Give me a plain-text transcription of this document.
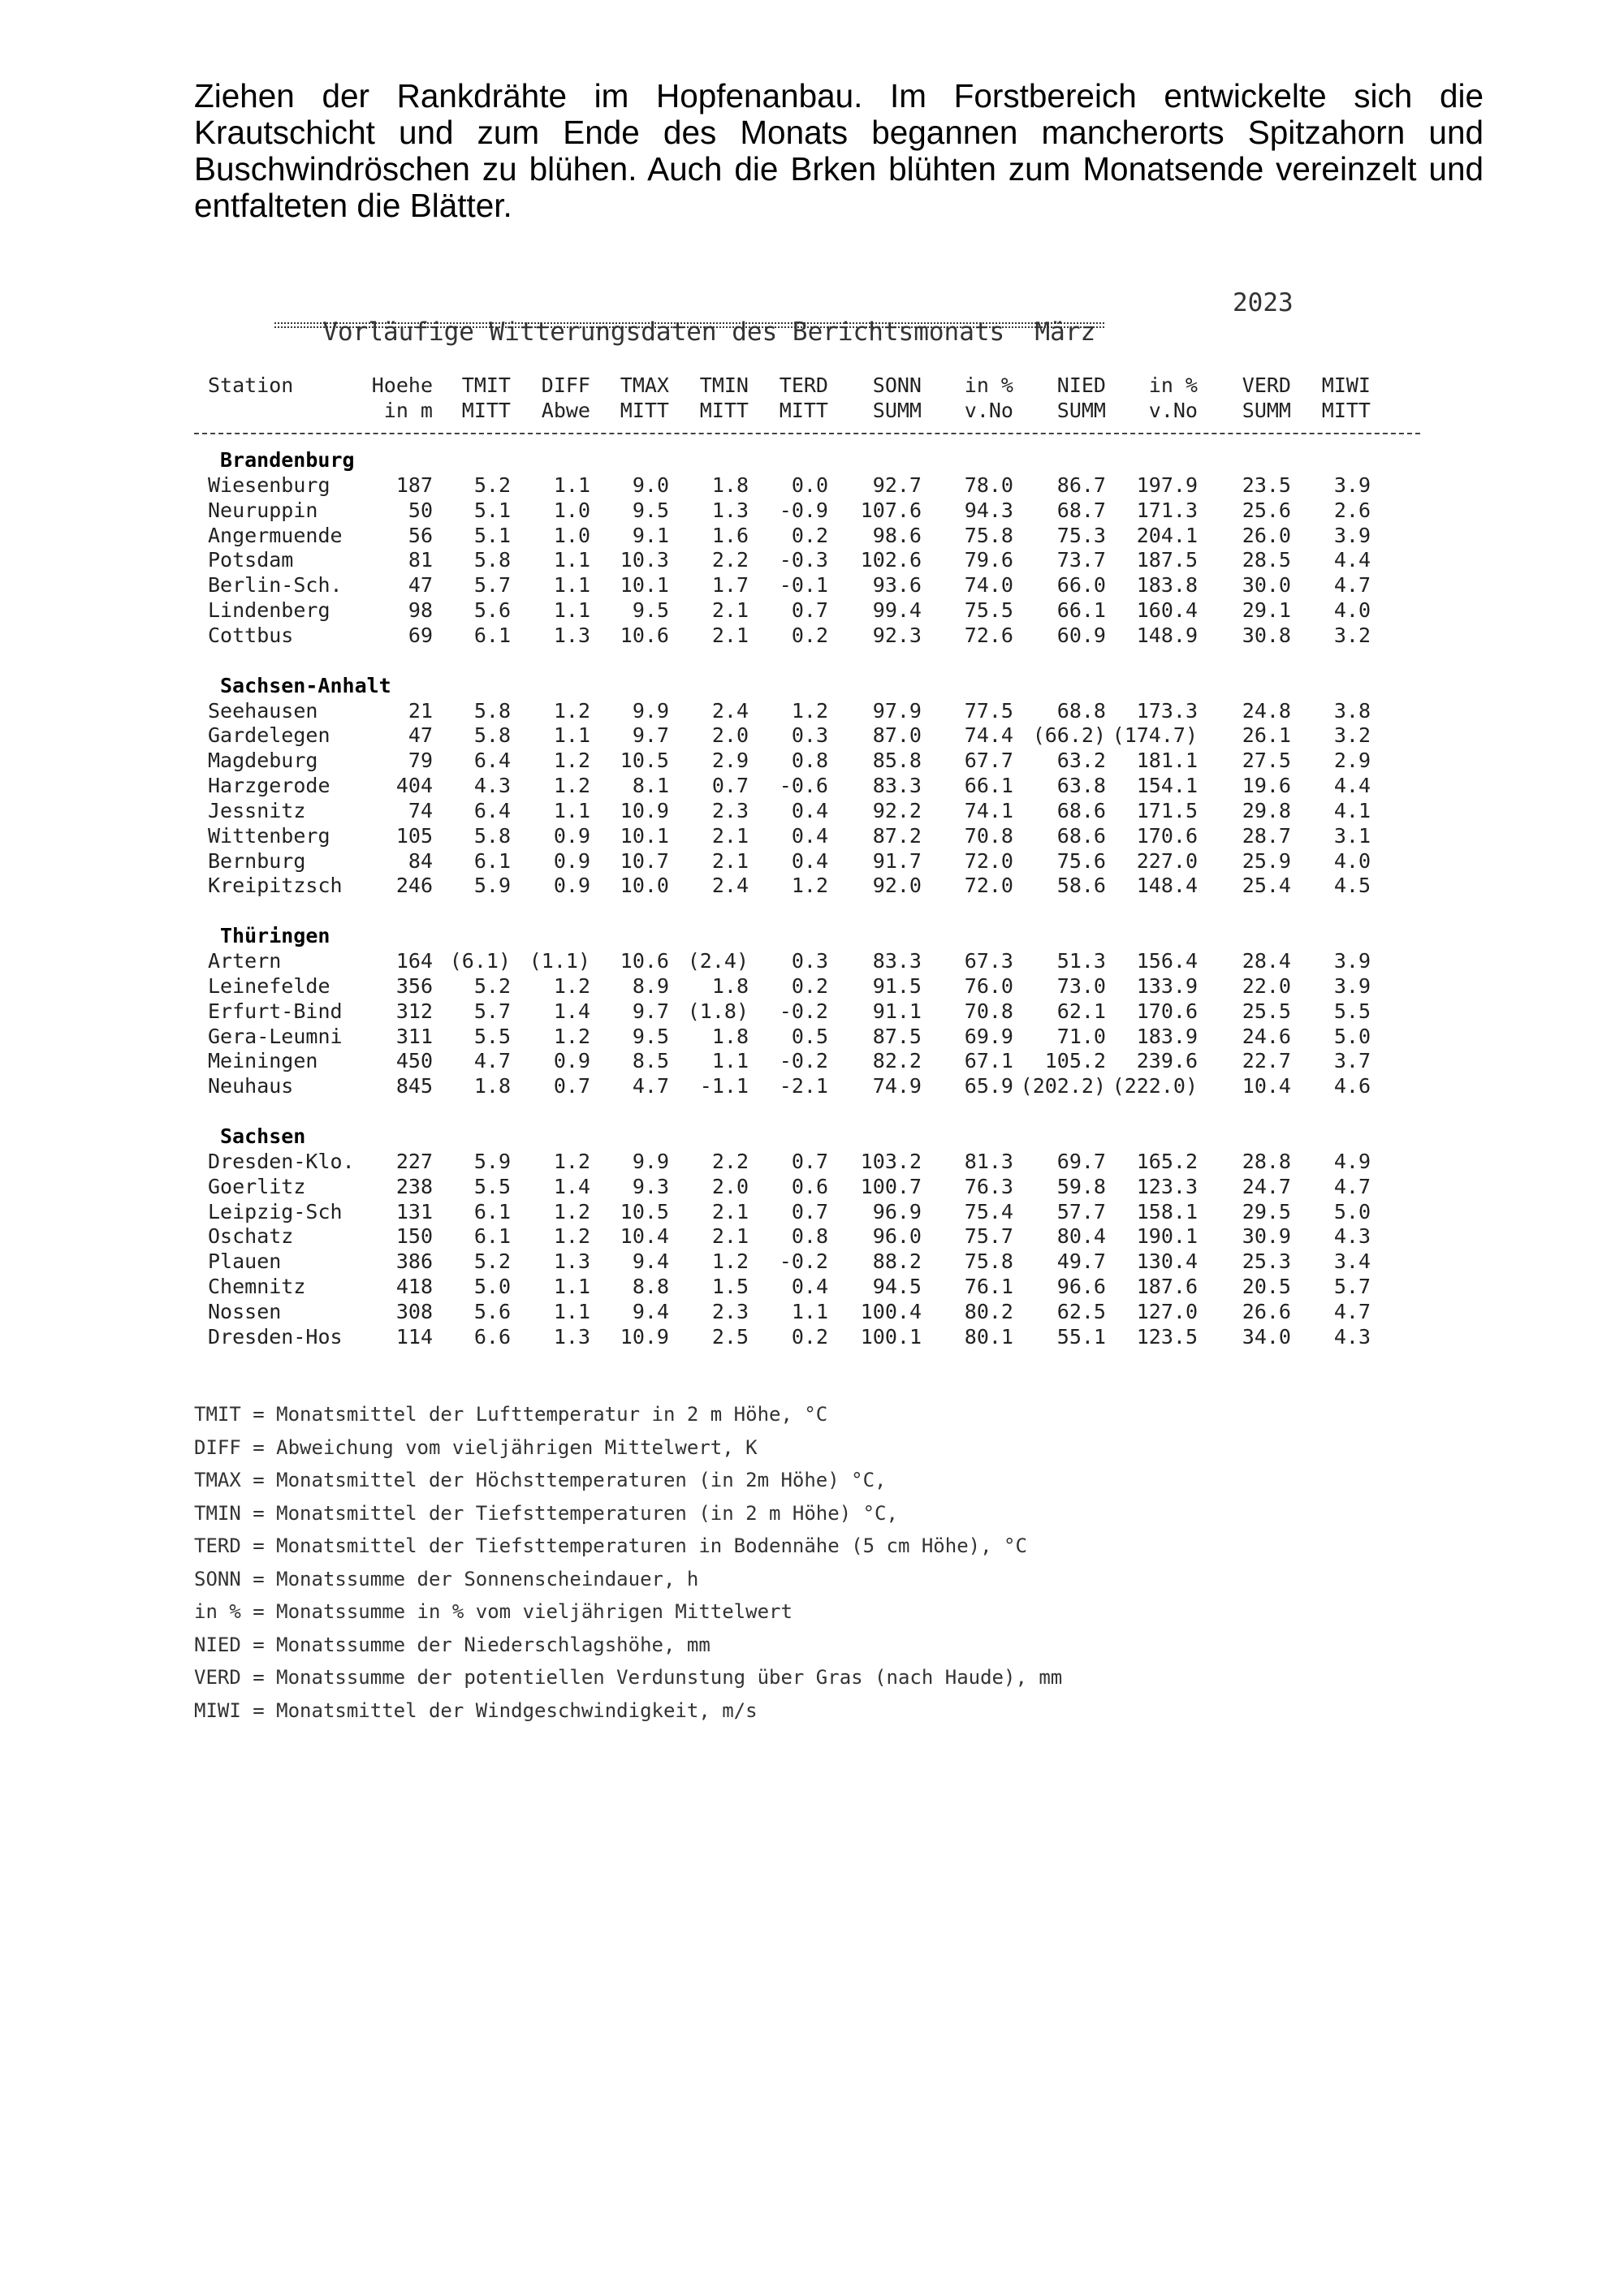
Ziehen der Rankdrähte im Hopfenanbau. Im Forstbereich entwickelte sich die Krautschicht und zum Ende des Monats begannen mancherorts Spitzahorn und Buschwindröschen zu blühen. Auch die Brken blühten zum Monatsende vereinzelt und entfalteten die Blätter.

Vorläufige Witterungsdaten des Berichtsmonats  März

2023

Station	Hoehe TMIT DIFF TMAX TMIN TERD SONN in % NIED in % VERD MIWI
in m MITT Abwe MITT MITT MITT SUMM v.No SUMM v.No SUMM MITT
Brandenburg
Wiesenburg	187 5.2 1.1 9.0 1.8 0.0 92.7 78.0 86.7 197.9 23.5 3.9
Neuruppin	50 5.1 1.0 9.5 1.3 -0.9 107.6 94.3 68.7 171.3 25.6 2.6
Angermuende	56 5.1 1.0 9.1 1.6 0.2 98.6 75.8 75.3 204.1 26.0 3.9
Potsdam	81 5.8 1.1 10.3 2.2 -0.3 102.6 79.6 73.7 187.5 28.5 4.4
Berlin-Sch.	47 5.7 1.1 10.1 1.7 -0.1 93.6 74.0 66.0 183.8 30.0 4.7
Lindenberg	98 5.6 1.1 9.5 2.1 0.7 99.4 75.5 66.1 160.4 29.1 4.0
Cottbus	69 6.1 1.3 10.6 2.1 0.2 92.3 72.6 60.9 148.9 30.8 3.2
Sachsen-Anhalt
Seehausen	21 5.8 1.2 9.9 2.4 1.2 97.9 77.5 68.8 173.3 24.8 3.8
Gardelegen	47 5.8 1.1 9.7 2.0 0.3 87.0 74.4 (66.2) (174.7) 26.1 3.2
Magdeburg	79 6.4 1.2 10.5 2.9 0.8 85.8 67.7 63.2 181.1 27.5 2.9
Harzgerode	404 4.3 1.2 8.1 0.7 -0.6 83.3 66.1 63.8 154.1 19.6 4.4
Jessnitz	74 6.4 1.1 10.9 2.3 0.4 92.2 74.1 68.6 171.5 29.8 4.1
Wittenberg	105 5.8 0.9 10.1 2.1 0.4 87.2 70.8 68.6 170.6 28.7 3.1
Bernburg	84 6.1 0.9 10.7 2.1 0.4 91.7 72.0 75.6 227.0 25.9 4.0
Kreipitzsch	246 5.9 0.9 10.0 2.4 1.2 92.0 72.0 58.6 148.4 25.4 4.5
Thüringen
Artern	164 (6.1) (1.1) 10.6 (2.4) 0.3 83.3 67.3 51.3 156.4 28.4 3.9
Leinefelde	356 5.2 1.2 8.9 1.8 0.2 91.5 76.0 73.0 133.9 22.0 3.9
Erfurt-Bind	312 5.7 1.4 9.7 (1.8) -0.2 91.1 70.8 62.1 170.6 25.5 5.5
Gera-Leumni	311 5.5 1.2 9.5 1.8 0.5 87.5 69.9 71.0 183.9 24.6 5.0
Meiningen	450 4.7 0.9 8.5 1.1 -0.2 82.2 67.1 105.2 239.6 22.7 3.7
Neuhaus	845 1.8 0.7 4.7 -1.1 -2.1 74.9 65.9 (202.2) (222.0) 10.4 4.6
Sachsen
Dresden-Klo. 227 5.9 1.2 9.9 2.2 0.7 103.2 81.3 69.7 165.2 28.8 4.9
Goerlitz	238 5.5 1.4 9.3 2.0 0.6 100.7 76.3 59.8 123.3 24.7 4.7
Leipzig-Sch	131 6.1 1.2 10.5 2.1 0.7 96.9 75.4 57.7 158.1 29.5 5.0
Oschatz	150 6.1 1.2 10.4 2.1 0.8 96.0 75.7 80.4 190.1 30.9 4.3
Plauen	386 5.2 1.3 9.4 1.2 -0.2 88.2 75.8 49.7 130.4 25.3 3.4
Chemnitz	418 5.0 1.1 8.8 1.5 0.4 94.5 76.1 96.6 187.6 20.5 5.7
Nossen	308 5.6 1.1 9.4 2.3 1.1 100.4 80.2 62.5 127.0 26.6 4.7
Dresden-Hos	114 6.6 1.3 10.9 2.5 0.2 100.1 80.1 55.1 123.5 34.0 4.3
TMIT = Monatsmittel der Lufttemperatur in 2 m Höhe, °C
DIFF = Abweichung vom vieljährigen Mittelwert, K
TMAX = Monatsmittel der Höchsttemperaturen (in 2m Höhe) °C,
TMIN = Monatsmittel der Tiefsttemperaturen (in 2 m Höhe) °C,
TERD = Monatsmittel der Tiefsttemperaturen in Bodennähe (5 cm Höhe), °C
SONN = Monatssumme der Sonnenscheindauer, h
in % = Monatssumme in % vom vieljährigen Mittelwert
NIED = Monatssumme der Niederschlagshöhe, mm
VERD = Monatssumme der potentiellen Verdunstung über Gras (nach Haude), mm
MIWI = Monatsmittel der Windgeschwindigkeit, m/s
